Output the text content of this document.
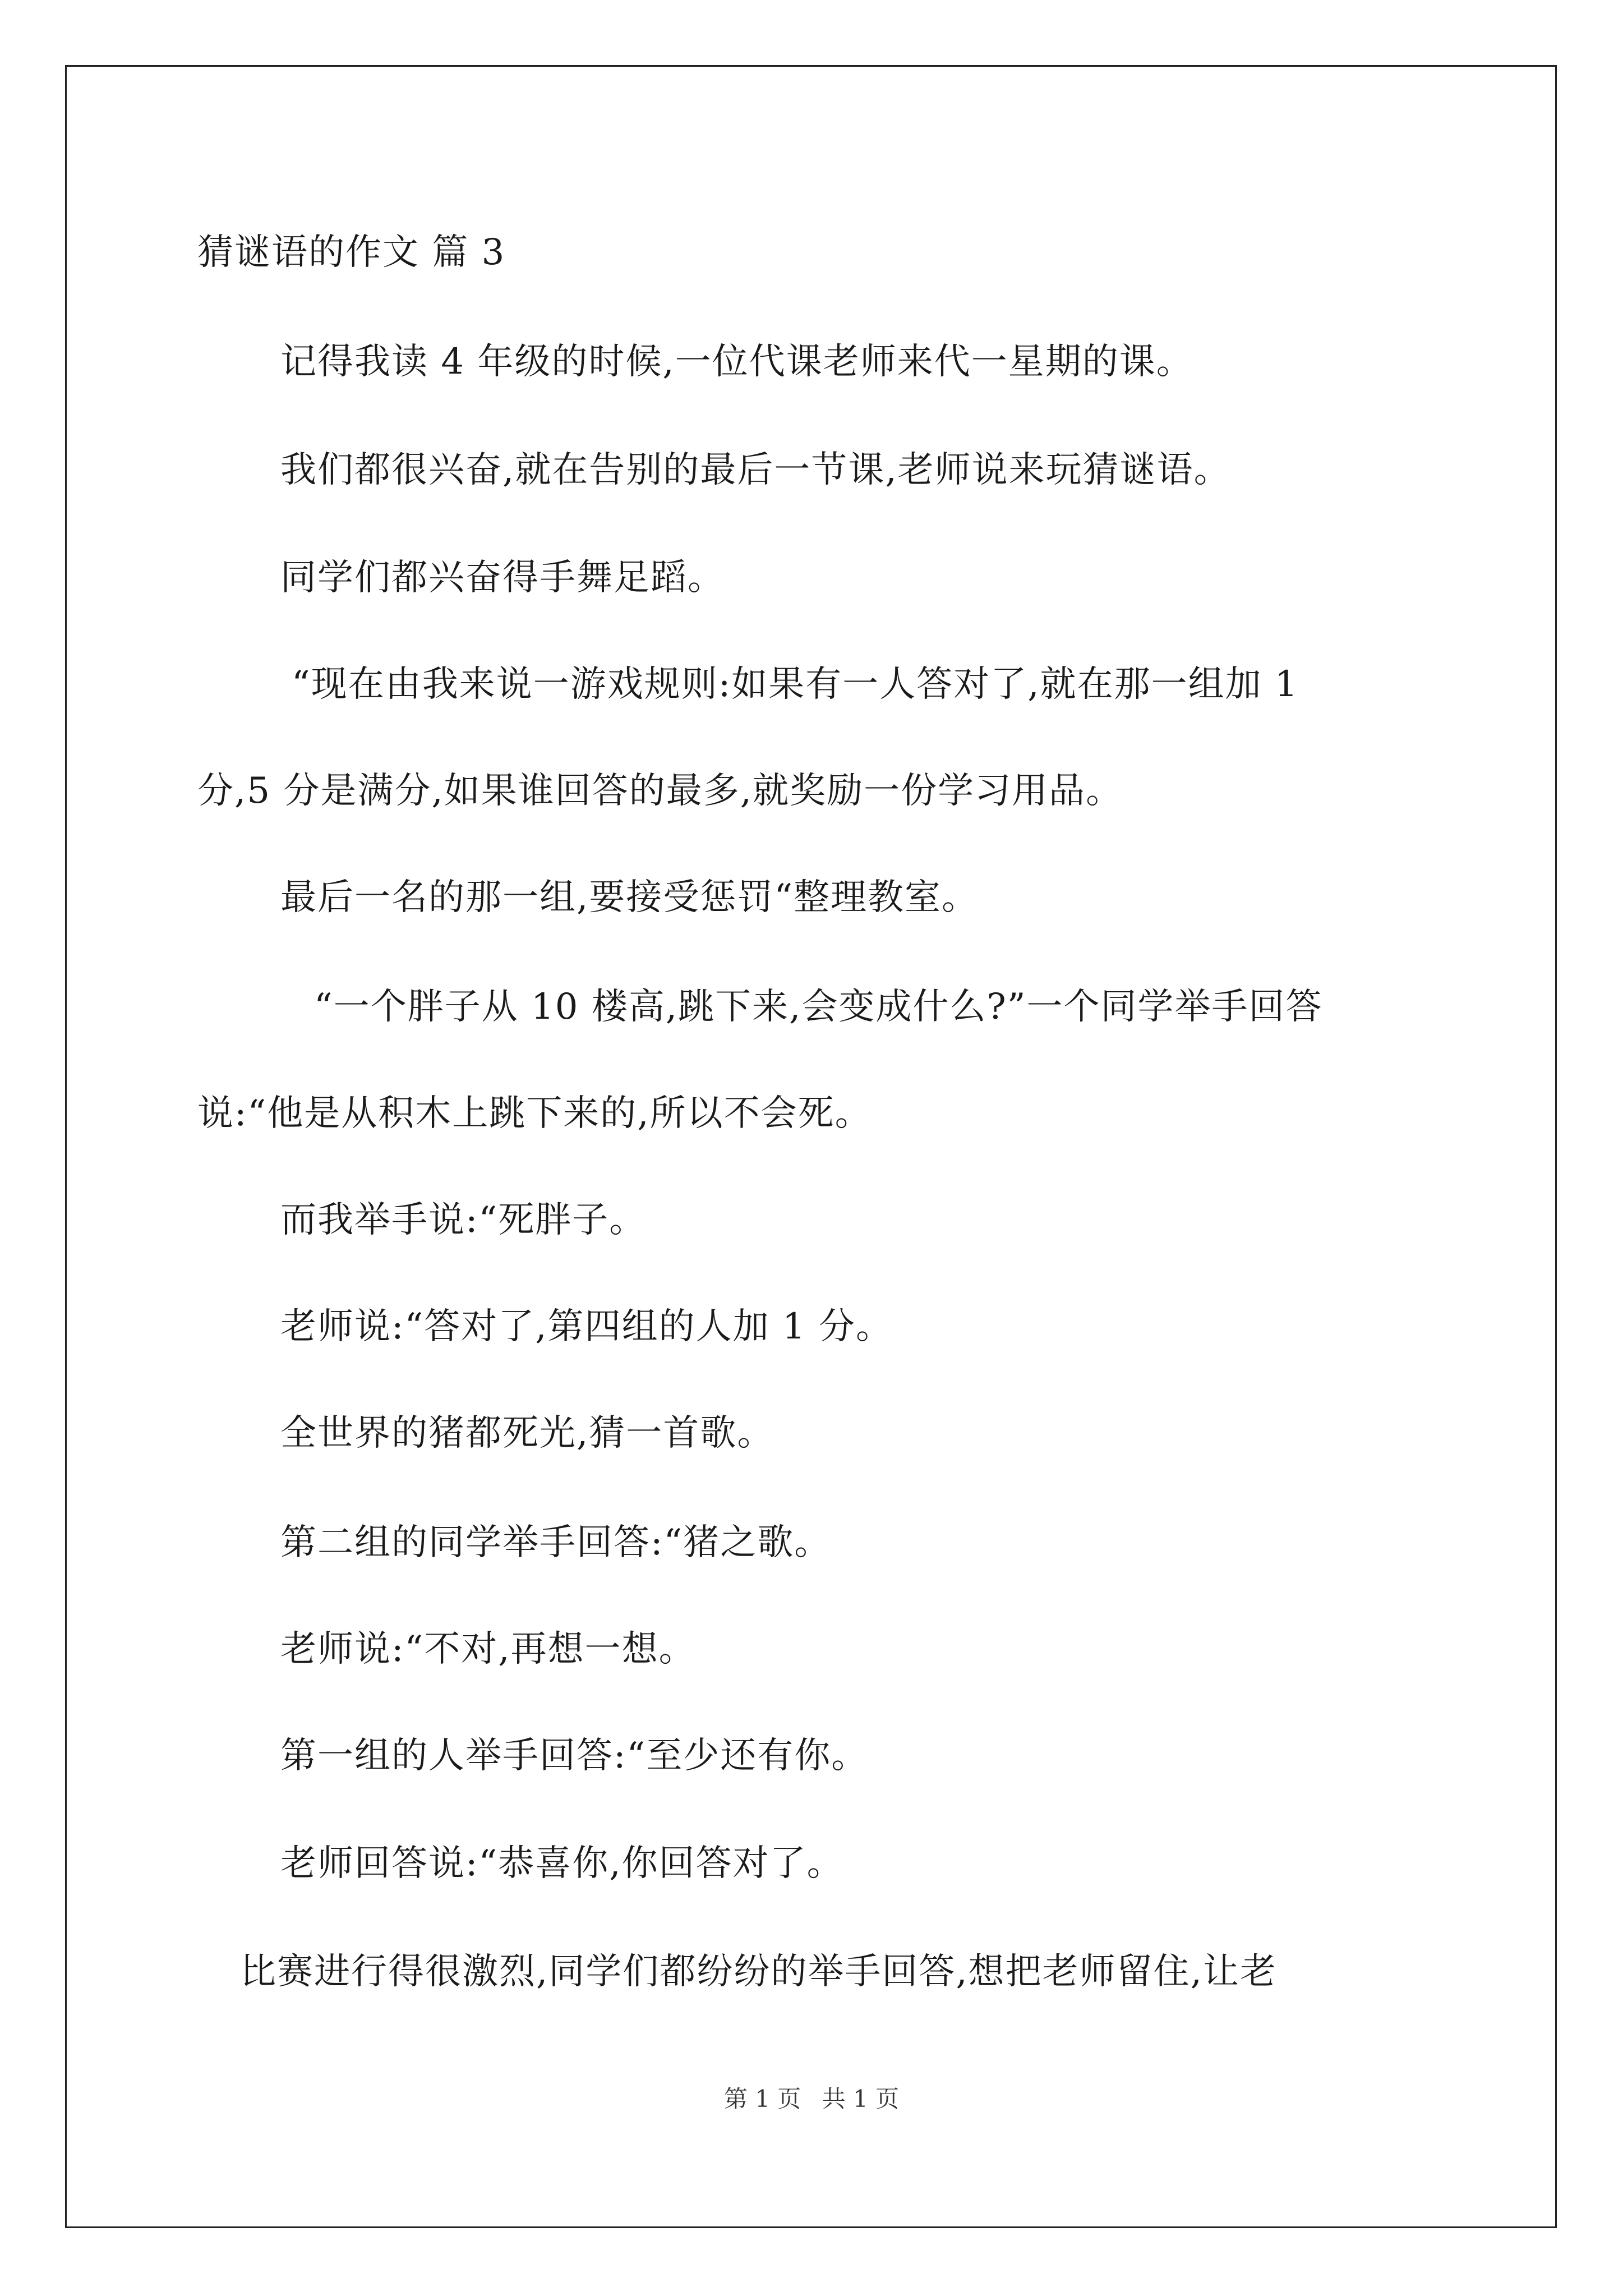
猜谜语的作文 篇 3
记得我读 4 年级的时候,一位代课老师来代一星期的课。
我们都很兴奋,就在告别的最后一节课,老师说来玩猜谜语。
同学们都兴奋得手舞足蹈。
“现在由我来说一游戏规则:如果有一人答对了,就在那一组加 1
分,5 分是满分,如果谁回答的最多,就奖励一份学习用品。
最后一名的那一组,要接受惩罚“整理教室。
“一个胖子从 10 楼高,跳下来,会变成什么?”一个同学举手回答
说:“他是从积木上跳下来的,所以不会死。
而我举手说:“死胖子。
老师说:“答对了,第四组的人加 1 分。
全世界的猪都死光,猜一首歌。
第二组的同学举手回答:“猪之歌。
老师说:“不对,再想一想。
第一组的人举手回答:“至少还有你。
老师回答说:“恭喜你,你回答对了。
比赛进行得很激烈,同学们都纷纷的举手回答,想把老师留住,让老
第 1 页 共 1 页
